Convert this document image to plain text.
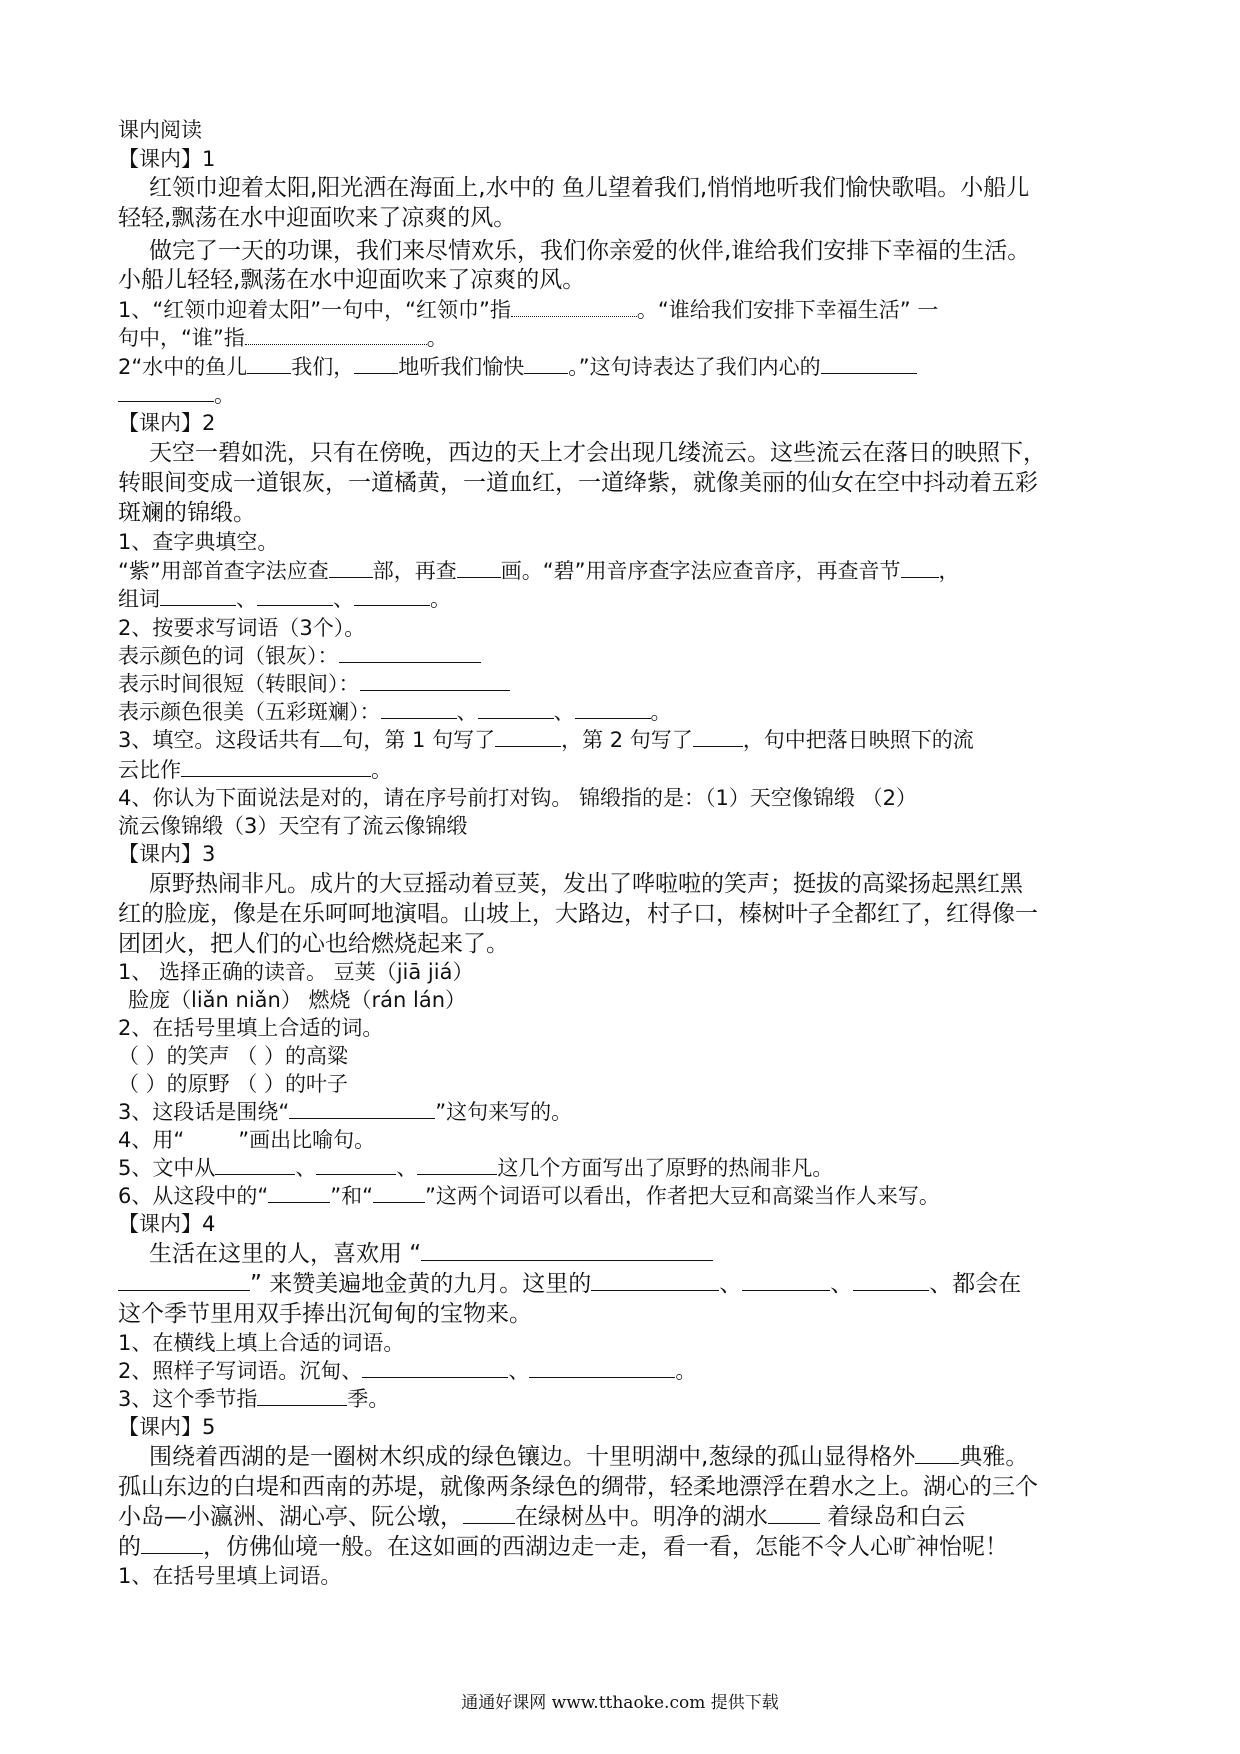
课内阅读
【课内】1
红领巾迎着太阳,阳光洒在海面上,水中的 鱼儿望着我们,悄悄地听我们愉快歌唱。小船儿
轻轻,飘荡在水中迎面吹来了凉爽的风。
做完了一天的功课，我们来尽情欢乐，我们你亲爱的伙伴,谁给我们安排下幸福的生活。
小船儿轻轻,飘荡在水中迎面吹来了凉爽的风。
1、“红领巾迎着太阳”一句中，“红领巾”指	。“谁给我们安排下幸福生活” 一
句中，“谁”指	。
2“水中的鱼儿 我们， 地听我们愉快 。”这句诗表达了我们内心的
。
【课内】2
天空一碧如洗，只有在傍晚，西边的天上才会出现几缕流云。这些流云在落日的映照下，
转眼间变成一道银灰，一道橘黄，一道血红，一道绛紫，就像美丽的仙女在空中抖动着五彩
斑斓的锦缎。
1、查字典填空。
“紫”用部首查字法应查 部，再查 画。“碧”用音序查字法应查音序，再查音节 ，
组词	、	、	。
2、按要求写词语（3个）。
表示颜色的词（银灰）：
表示时间很短（转眼间）：
表示颜色很美（五彩斑斓）：	、	、	。
3、填空。这段话共有 句，第 1 句写了	，第 2 句写了 ，句中把落日映照下的流
云比作	。
4、你认为下面说法是对的，请在序号前打对钩。 锦缎指的是：（1）天空像锦缎 （2）
流云像锦缎（3）天空有了流云像锦缎
【课内】3
原野热闹非凡。成片的大豆摇动着豆荚，发出了哗啦啦的笑声；挺拔的高粱扬起黑红黑
红的脸庞，像是在乐呵呵地演唱。山坡上，大路边，村子口，榛树叶子全都红了，红得像一
团团火，把人们的心也给燃烧起来了。
1、 选择正确的读音。 豆荚（jiā jiá）
脸庞（liǎn niǎn） 燃烧（rán lán）
2、在括号里填上合适的词。
（ ）的笑声 （ ）的高粱
（ ）的原野 （ ）的叶子
3、这段话是围绕“	”这句来写的。
4、用“	”画出比喻句。
5、文中从	、	、	这几个方面写出了原野的热闹非凡。
6、从这段中的“	”和“ ”这两个词语可以看出，作者把大豆和高粱当作人来写。
【课内】4
生活在这里的人，喜欢用 “
” 来赞美遍地金黄的九月。这里的	、	、	、都会在
这个季节里用双手捧出沉甸甸的宝物来。
1、在横线上填上合适的词语。
2、照样子写词语。沉甸、	、	。
3、这个季节指	季。
【课内】5
围绕着西湖的是一圈树木织成的绿色镶边。十里明湖中,葱绿的孤山显得格外 典雅。
孤山东边的白堤和西南的苏堤，就像两条绿色的绸带，轻柔地漂浮在碧水之上。湖心的三个
小岛—小瀛洲、湖心亭、阮公墩， 在绿树丛中。明净的湖水 着绿岛和白云
的	，仿佛仙境一般。在这如画的西湖边走一走，看一看，怎能不令人心旷神怡呢！
1、在括号里填上词语。
通通好课网 www.tthaoke.com 提供下载
